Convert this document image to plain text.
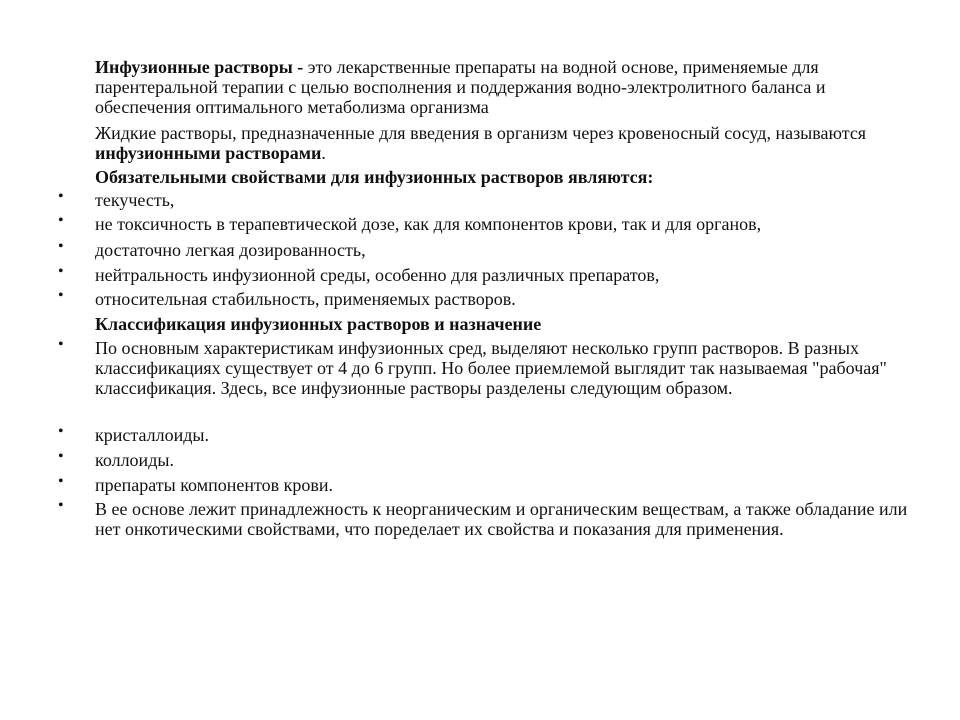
Инфузионные растворы - это лекарственные препараты на водной основе, применяемые для парентеральной терапии с целью восполнения и поддержания водно-электролитного баланса и обеспечения оптимального метаболизма организма

Жидкие растворы, предназначенные для введения в организм через кровеносный сосуд, называются инфузионными растворами.

Обязательными свойствами для инфузионных растворов являются:

• текучесть,
• не токсичность в терапевтической дозе, как для компонентов крови, так и для органов,
• достаточно легкая дозированность,
• нейтральность инфузионной среды, особенно для различных препаратов,
• относительная стабильность, применяемых растворов.

Классификация инфузионных растворов и назначение

• По основным характеристикам инфузионных сред, выделяют несколько групп растворов. В разных классификациях существует от 4 до 6 групп. Но более приемлемой выглядит так называемая "рабочая" классификация. Здесь, все инфузионные растворы разделены следующим образом.
• кристаллоиды.
• коллоиды.
• препараты компонентов крови.
• В ее основе лежит принадлежность к неорганическим и органическим веществам, а также обладание или нет онкотическими свойствами, что поределает их свойства и показания для применения.
